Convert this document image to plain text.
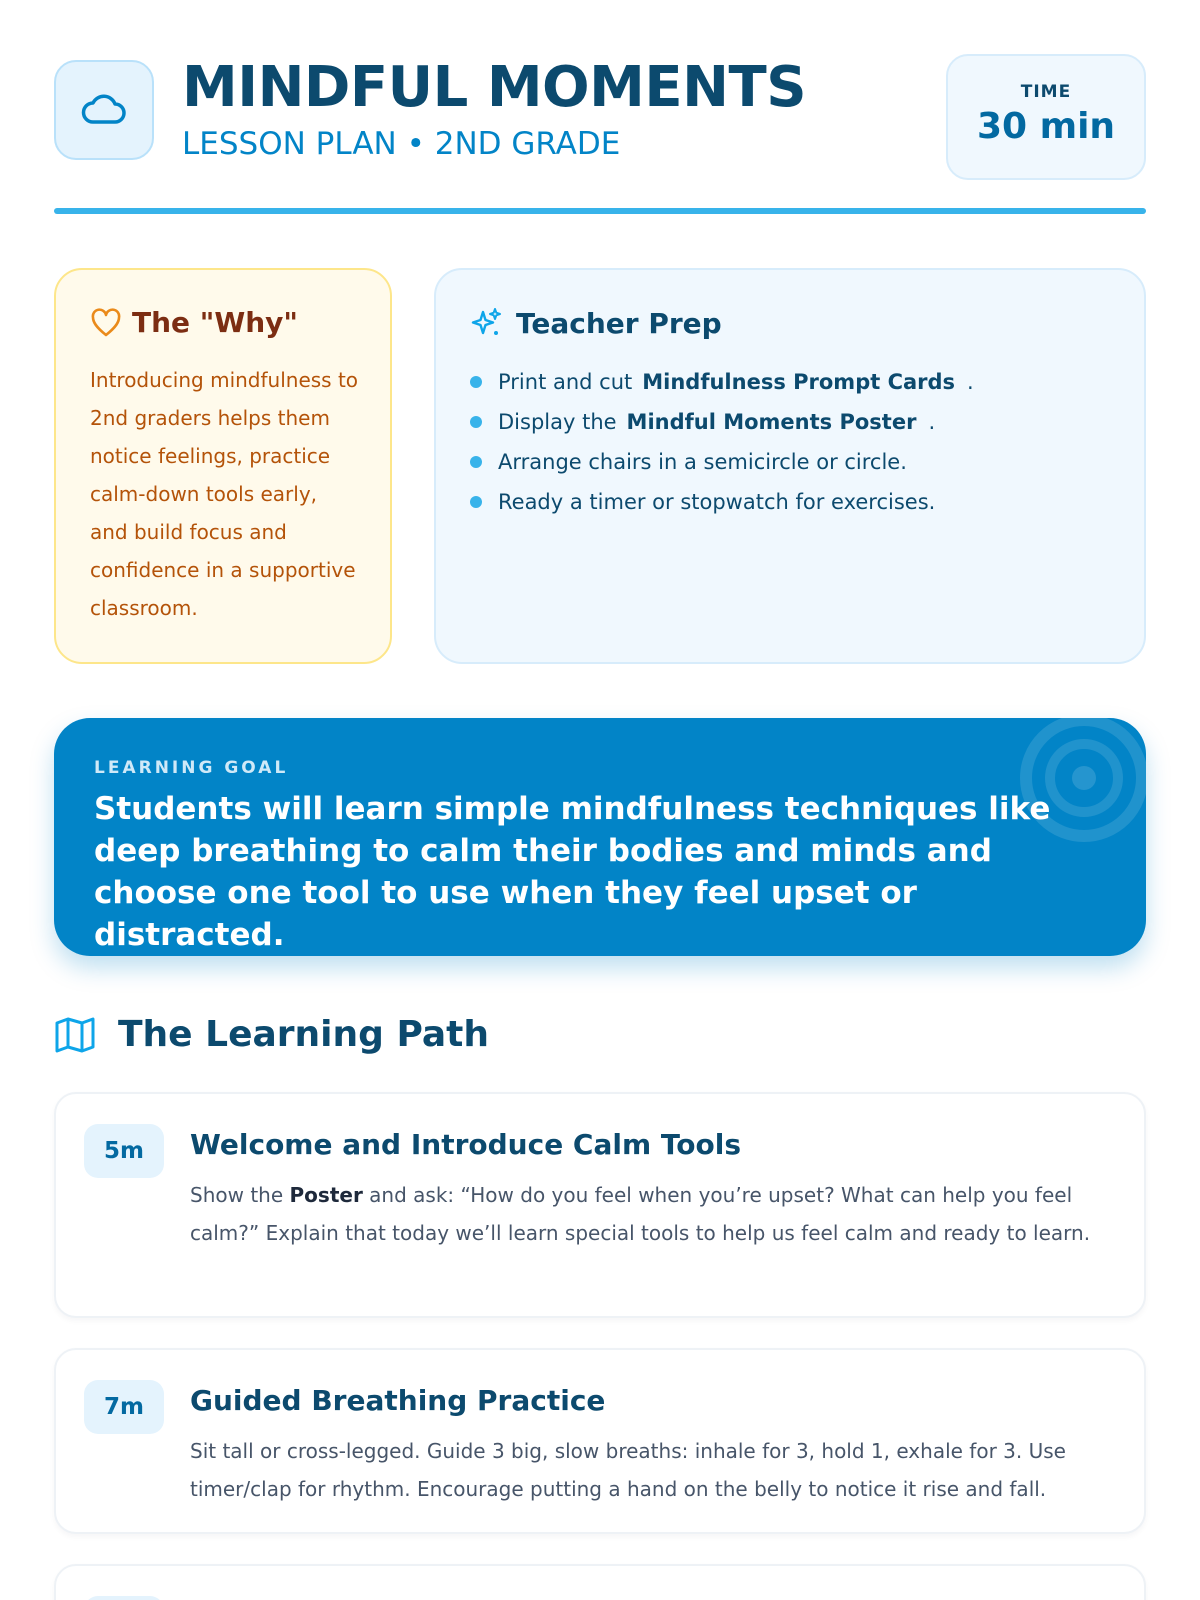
MINDFUL MOMENTS
LESSON PLAN • 2ND GRADE
TIME
30 min
The "Why"

Introducing mindfulness to 2nd graders helps them notice feelings, practice calm-down tools early, and build focus and confidence in a supportive classroom.

Teacher Prep
Print and cut Mindfulness Prompt Cards .
Display the Mindful Moments Poster .
Arrange chairs in a semicircle or circle.
Ready a timer or stopwatch for exercises.
LEARNING GOAL

Students will learn simple mindfulness techniques like deep breathing to calm their bodies and minds and choose one tool to use when they feel upset or distracted.

The Learning Path
5m	Welcome and Introduce Calm Tools

Show the Poster and ask: “How do you feel when you’re upset? What can help you feel calm?” Explain that today we’ll learn special tools to help us feel calm and ready to learn.

7m	Guided Breathing Practice

Sit tall or cross-legged. Guide 3 big, slow breaths: inhale for 3, hold 1, exhale for 3. Use timer/clap for rhythm. Encourage putting a hand on the belly to notice it rise and fall.
